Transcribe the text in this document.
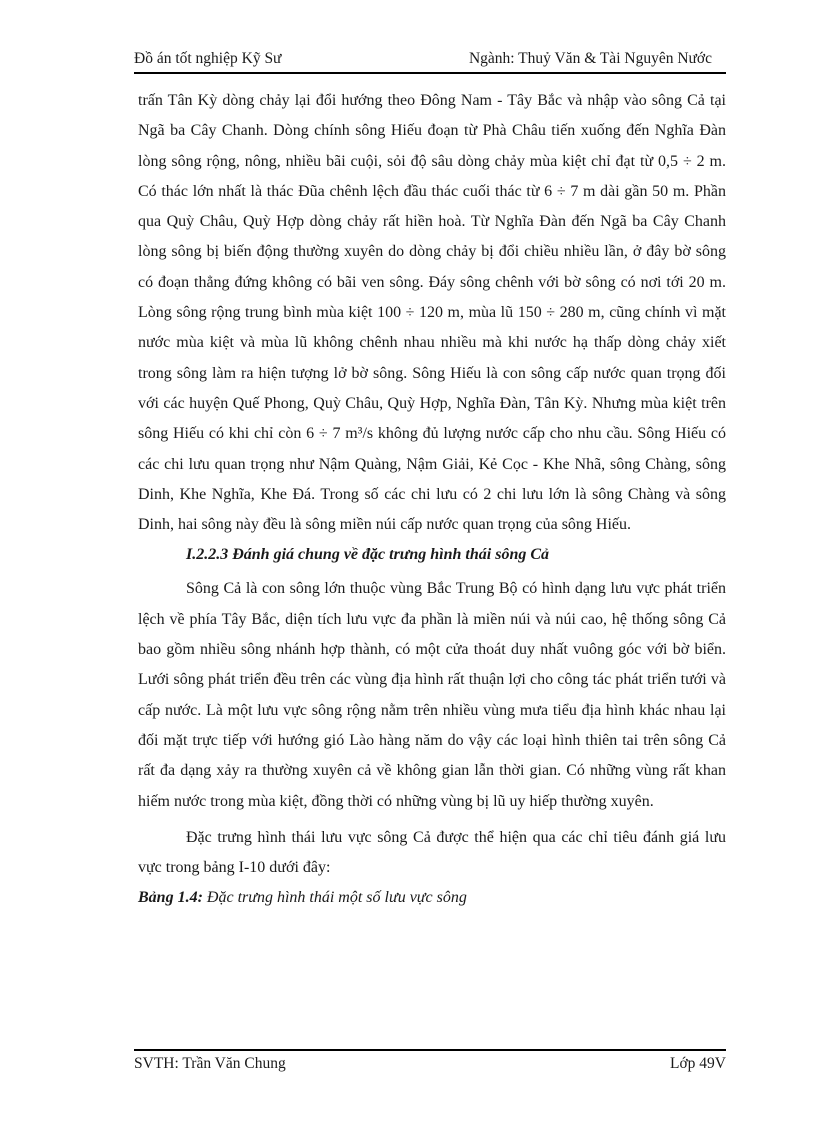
Đồ án tốt nghiệp Kỹ Sư	Ngành: Thuỷ Văn & Tài Nguyên Nước

trấn Tân Kỳ dòng chảy lại đổi hướng theo Đông Nam - Tây Bắc và nhập vào sông Cả tại Ngã ba Cây Chanh. Dòng chính sông Hiếu đoạn từ Phà Châu tiến xuống đến Nghĩa Đàn lòng sông rộng, nông, nhiều bãi cuội, sỏi độ sâu dòng chảy mùa kiệt chỉ đạt từ 0,5 ÷ 2 m. Có thác lớn nhất là thác Đũa chênh lệch đầu thác cuối thác từ 6 ÷ 7 m dài gần 50 m. Phần qua Quỳ Châu, Quỳ Hợp dòng chảy rất hiền hoà. Từ Nghĩa Đàn đến Ngã ba Cây Chanh lòng sông bị biến động thường xuyên do dòng chảy bị đổi chiều nhiều lần, ở đây bờ sông có đoạn thẳng đứng không có bãi ven sông. Đáy sông chênh với bờ sông có nơi tới 20 m. Lòng sông rộng trung bình mùa kiệt 100 ÷ 120 m, mùa lũ 150 ÷ 280 m, cũng chính vì mặt nước mùa kiệt và mùa lũ không chênh nhau nhiều mà khi nước hạ thấp dòng chảy xiết trong sông làm ra hiện tượng lở bờ sông. Sông Hiếu là con sông cấp nước quan trọng đối với các huyện Quế Phong, Quỳ Châu, Quỳ Hợp, Nghĩa Đàn, Tân Kỳ. Nhưng mùa kiệt trên sông Hiếu có khi chỉ còn 6 ÷ 7 m³/s không đủ lượng nước cấp cho nhu cầu. Sông Hiếu có các chi lưu quan trọng như Nậm Quàng, Nậm Giải, Kẻ Cọc - Khe Nhã, sông Chàng, sông Dinh, Khe Nghĩa, Khe Đá. Trong số các chi lưu có 2 chi lưu lớn là sông Chàng và sông Dinh, hai sông này đều là sông miền núi cấp nước quan trọng của sông Hiếu.

I.2.2.3 Đánh giá chung về đặc trưng hình thái sông Cả

Sông Cả là con sông lớn thuộc vùng Bắc Trung Bộ có hình dạng lưu vực phát triển lệch về phía Tây Bắc, diện tích lưu vực đa phần là miền núi và núi cao, hệ thống sông Cả bao gồm nhiều sông nhánh hợp thành, có một cửa thoát duy nhất vuông góc với bờ biển. Lưới sông phát triển đều trên các vùng địa hình rất thuận lợi cho công tác phát triển tưới và cấp nước. Là một lưu vực sông rộng nằm trên nhiều vùng mưa tiểu địa hình khác nhau lại đối mặt trực tiếp với hướng gió Lào hàng năm do vậy các loại hình thiên tai trên sông Cả rất đa dạng xảy ra thường xuyên cả về không gian lẫn thời gian. Có những vùng rất khan hiếm nước trong mùa kiệt, đồng thời có những vùng bị lũ uy hiếp thường xuyên.

Đặc trưng hình thái lưu vực sông Cả được thể hiện qua các chỉ tiêu đánh giá lưu vực trong bảng I-10 dưới đây:

Bảng 1.4: Đặc trưng hình thái một số lưu vực sông

SVTH: Trần Văn Chung	Lớp 49V
